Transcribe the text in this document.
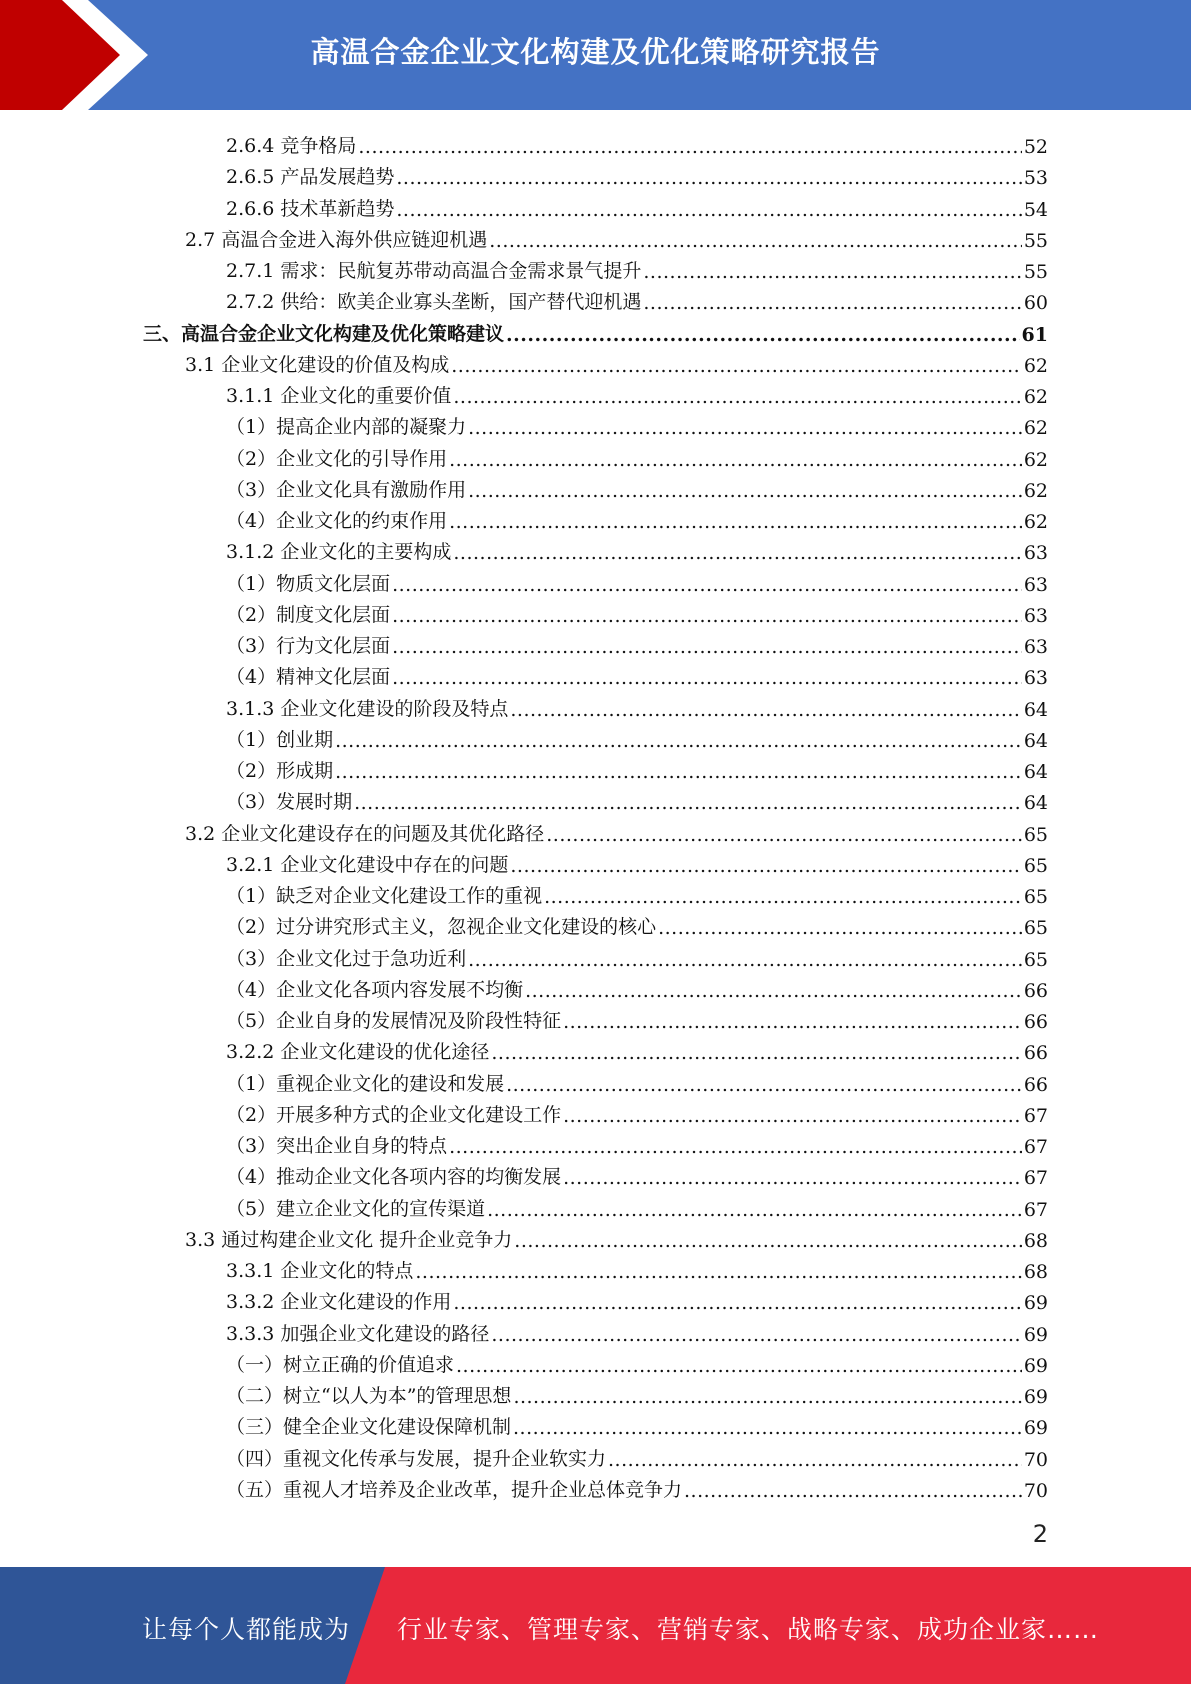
高温合金企业文化构建及优化策略研究报告
2.6.4 竞争格局 .....	52
2.6.5 产品发展趋势 .....	53
2.6.6 技术革新趋势 .....	54
2.7 高温合金进入海外供应链迎机遇 .....	55
2.7.1 需求：民航复苏带动高温合金需求景气提升 .....	55
2.7.2 供给：欧美企业寡头垄断，国产替代迎机遇 .....	60
三、高温合金企业文化构建及优化策略建议 .....	61
3.1 企业文化建设的价值及构成 .....	62
3.1.1 企业文化的重要价值 .....	62
（1）提高企业内部的凝聚力 .....	62
（2）企业文化的引导作用 .....	62
（3）企业文化具有激励作用 .....	62
（4）企业文化的约束作用 .....	62
3.1.2 企业文化的主要构成 .....	63
（1）物质文化层面 .....	63
（2）制度文化层面 .....	63
（3）行为文化层面 .....	63
（4）精神文化层面 .....	63
3.1.3 企业文化建设的阶段及特点 .....	64
（1）创业期 .....	64
（2）形成期 .....	64
（3）发展时期 .....	64
3.2 企业文化建设存在的问题及其优化路径 .....	65
3.2.1 企业文化建设中存在的问题 .....	65
（1）缺乏对企业文化建设工作的重视 .....	65
（2）过分讲究形式主义，忽视企业文化建设的核心 .....	65
（3）企业文化过于急功近利 .....	65
（4）企业文化各项内容发展不均衡 .....	66
（5）企业自身的发展情况及阶段性特征 .....	66
3.2.2 企业文化建设的优化途径 .....	66
（1）重视企业文化的建设和发展 .....	66
（2）开展多种方式的企业文化建设工作 .....	67
（3）突出企业自身的特点 .....	67
（4）推动企业文化各项内容的均衡发展 .....	67
（5）建立企业文化的宣传渠道 .....	67
3.3 通过构建企业文化 提升企业竞争力 .....	68
3.3.1 企业文化的特点 .....	68
3.3.2 企业文化建设的作用 .....	69
3.3.3 加强企业文化建设的路径 .....	69
（一）树立正确的价值追求 .....	69
（二）树立“以人为本”的管理思想 .....	69
（三）健全企业文化建设保障机制 .....	69
（四）重视文化传承与发展，提升企业软实力 .....	70
（五）重视人才培养及企业改革，提升企业总体竞争力 .....	70
2
让每个人都能成为 行业专家、管理专家、营销专家、战略专家、成功企业家……
